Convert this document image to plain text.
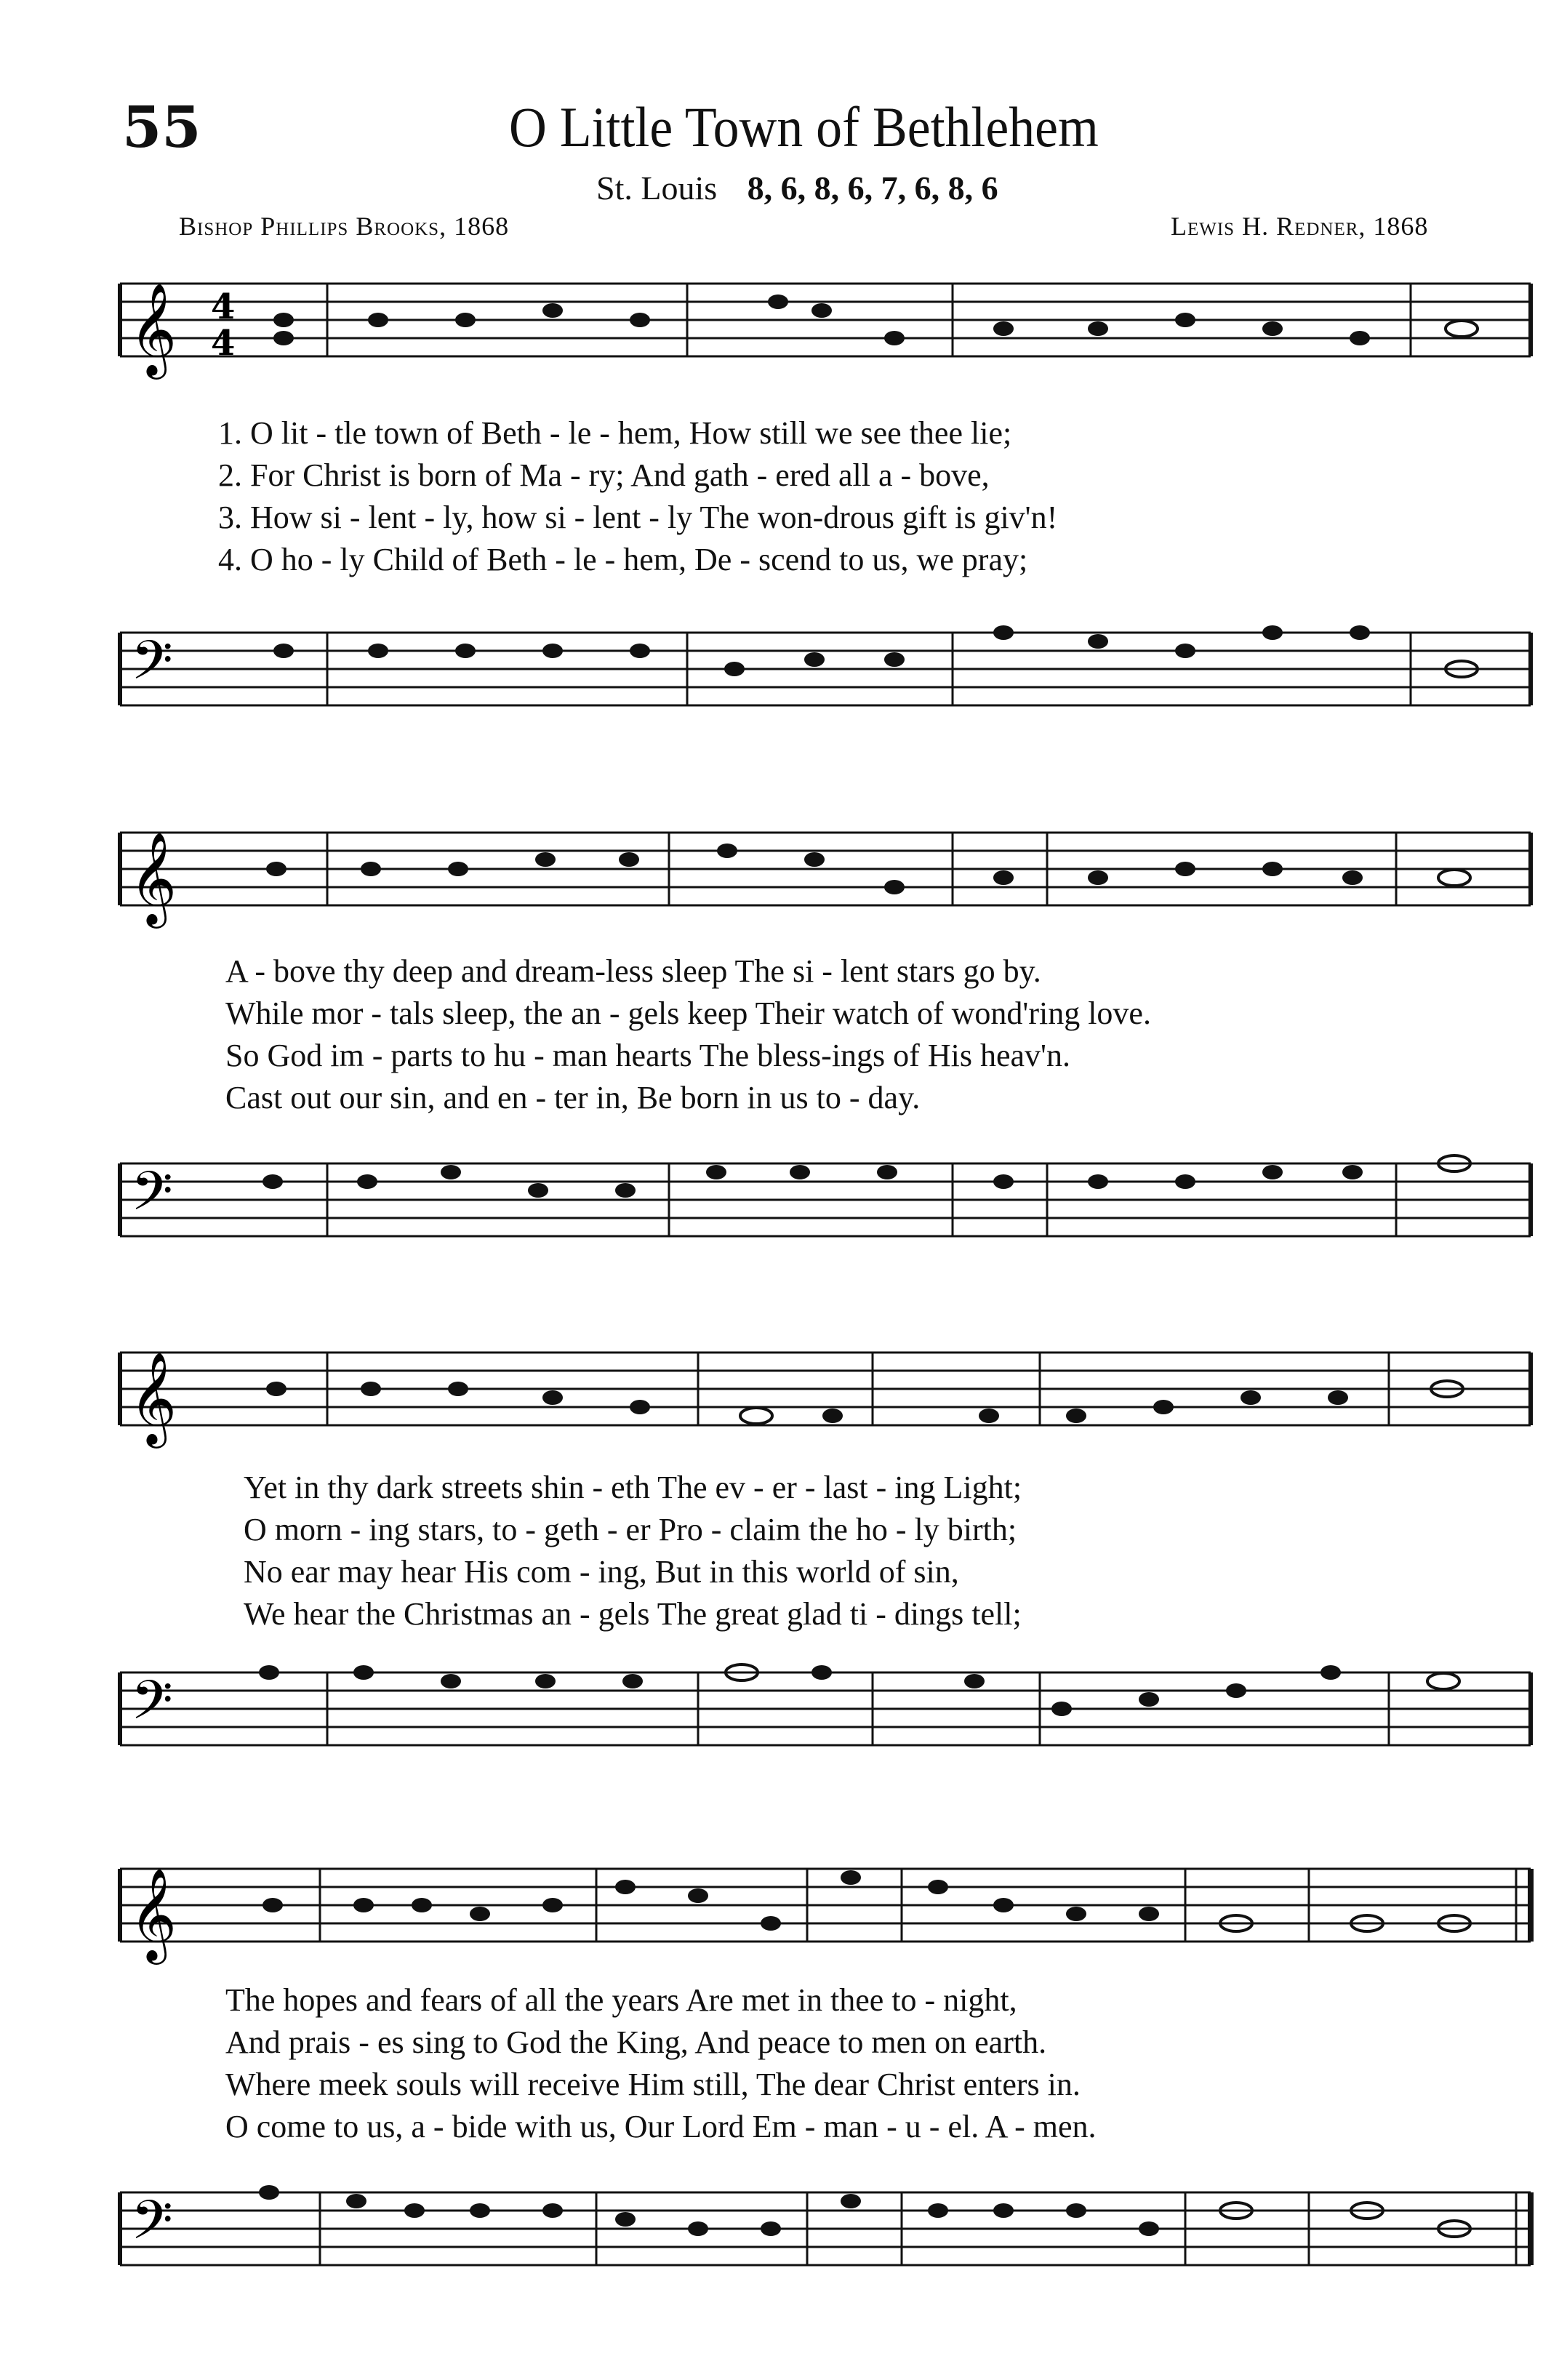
55	O Little Town of Bethlehem
St. Louis 8, 6, 8, 6, 7, 6, 8, 6
Bishop Phillips Brooks, 1868	Lewis H. Redner, 1868
𝄞 4
4
1. O lit - tle town of Beth - le - hem, How still we see thee lie;
2. For Christ is born of Ma - ry; And gath - ered all a - bove,
3. How si - lent - ly, how si - lent - ly The won-drous gift is giv'n!
4. O ho - ly Child of Beth - le - hem, De - scend to us, we pray;
𝄢
𝄞
A - bove thy deep and dream-less sleep The si - lent stars go by.
While mor - tals sleep, the an - gels keep Their watch of wond'ring love.
So God im - parts to hu - man hearts The bless-ings of His heav'n.
Cast out our sin, and en - ter in, Be born in us to - day.
𝄢
𝄞
Yet in thy dark streets shin - eth The ev - er - last - ing Light;
O morn - ing stars, to - geth - er Pro - claim the ho - ly birth;
No ear may hear His com - ing, But in this world of sin,
We hear the Christmas an - gels The great glad ti - dings tell;
𝄢
𝄞
The hopes and fears of all the years Are met in thee to - night,
And prais - es sing to God the King, And peace to men on earth.
Where meek souls will receive Him still, The dear Christ enters in.
O come to us, a - bide with us, Our Lord Em - man - u - el. A - men.
𝄢
